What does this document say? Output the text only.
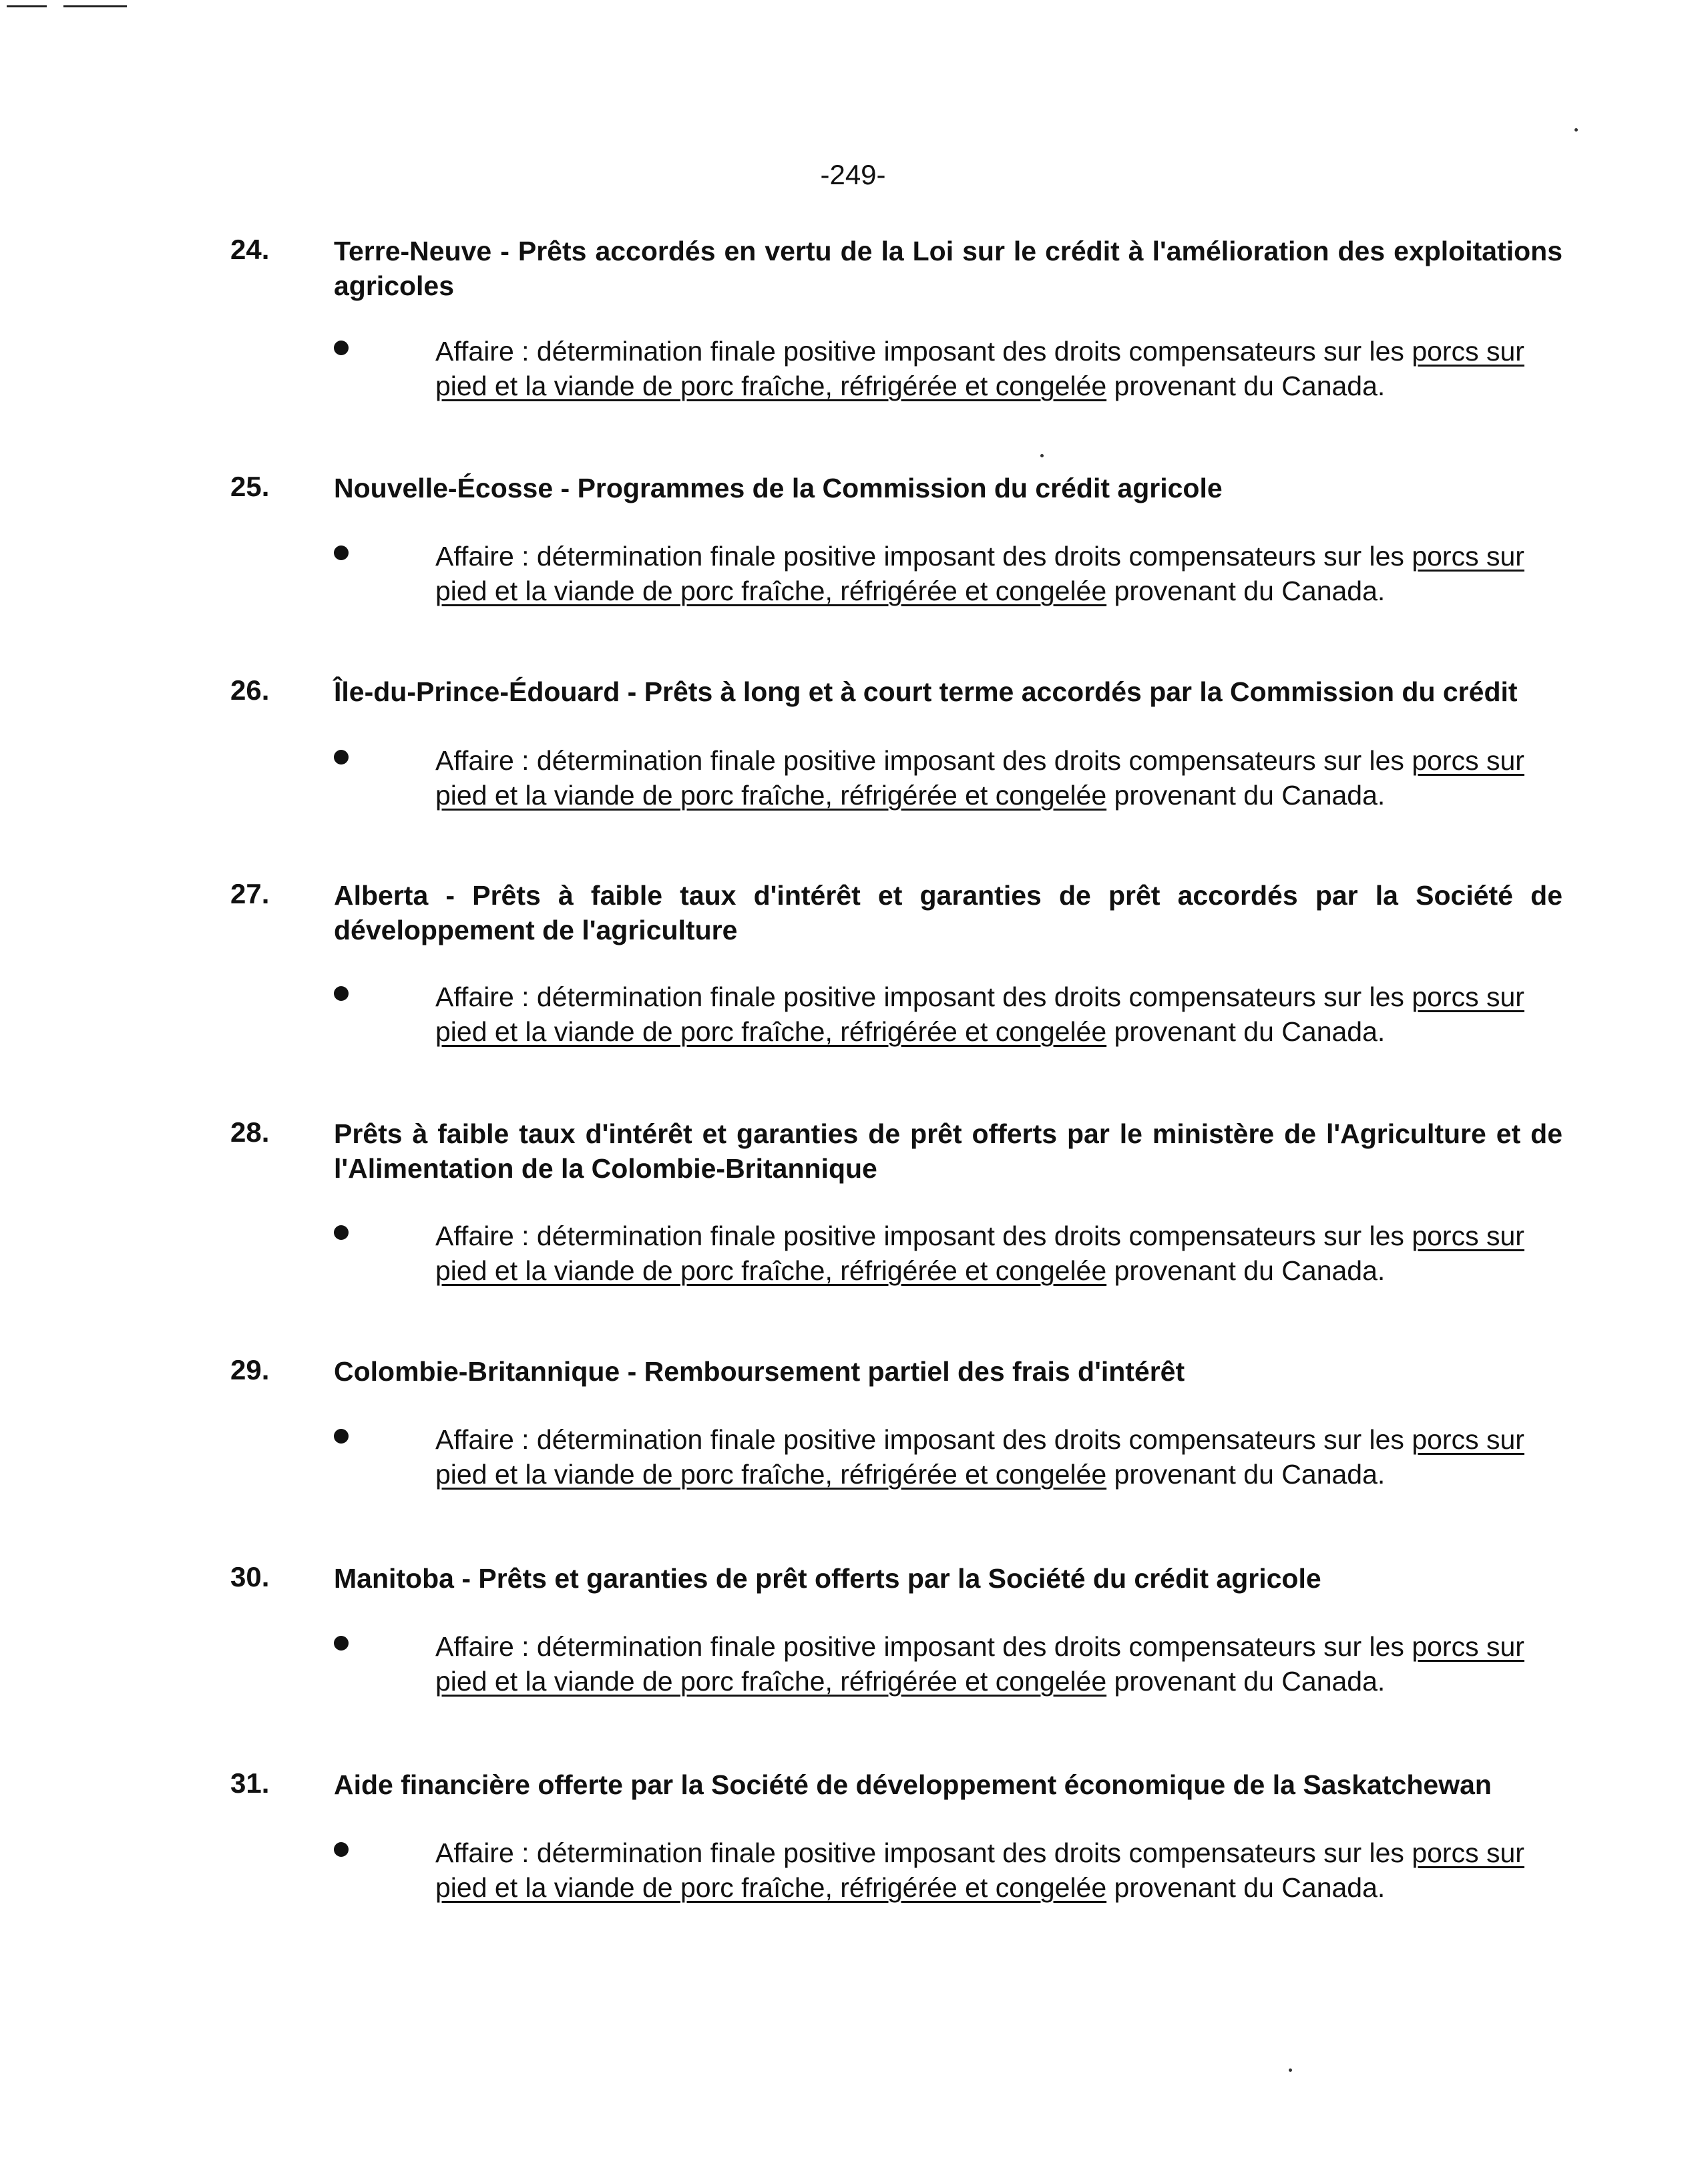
-249-
24. Terre-Neuve - Prêts accordés en vertu de la Loi sur le crédit à l'amélioration des exploitations agricoles
Affaire : détermination finale positive imposant des droits compensateurs sur les porcs sur pied et la viande de porc fraîche, réfrigérée et congelée provenant du Canada.
25. Nouvelle-Écosse - Programmes de la Commission du crédit agricole
Affaire : détermination finale positive imposant des droits compensateurs sur les porcs sur pied et la viande de porc fraîche, réfrigérée et congelée provenant du Canada.
26. Île-du-Prince-Édouard - Prêts à long et à court terme accordés par la Commission du crédit
Affaire : détermination finale positive imposant des droits compensateurs sur les porcs sur pied et la viande de porc fraîche, réfrigérée et congelée provenant du Canada.
27. Alberta - Prêts à faible taux d'intérêt et garanties de prêt accordés par la Société de développement de l'agriculture
Affaire : détermination finale positive imposant des droits compensateurs sur les porcs sur pied et la viande de porc fraîche, réfrigérée et congelée provenant du Canada.
28. Prêts à faible taux d'intérêt et garanties de prêt offerts par le ministère de l'Agriculture et de l'Alimentation de la Colombie-Britannique
Affaire : détermination finale positive imposant des droits compensateurs sur les porcs sur pied et la viande de porc fraîche, réfrigérée et congelée provenant du Canada.
29. Colombie-Britannique - Remboursement partiel des frais d'intérêt
Affaire : détermination finale positive imposant des droits compensateurs sur les porcs sur pied et la viande de porc fraîche, réfrigérée et congelée provenant du Canada.
30. Manitoba - Prêts et garanties de prêt offerts par la Société du crédit agricole
Affaire : détermination finale positive imposant des droits compensateurs sur les porcs sur pied et la viande de porc fraîche, réfrigérée et congelée provenant du Canada.
31. Aide financière offerte par la Société de développement économique de la Saskatchewan
Affaire : détermination finale positive imposant des droits compensateurs sur les porcs sur pied et la viande de porc fraîche, réfrigérée et congelée provenant du Canada.
